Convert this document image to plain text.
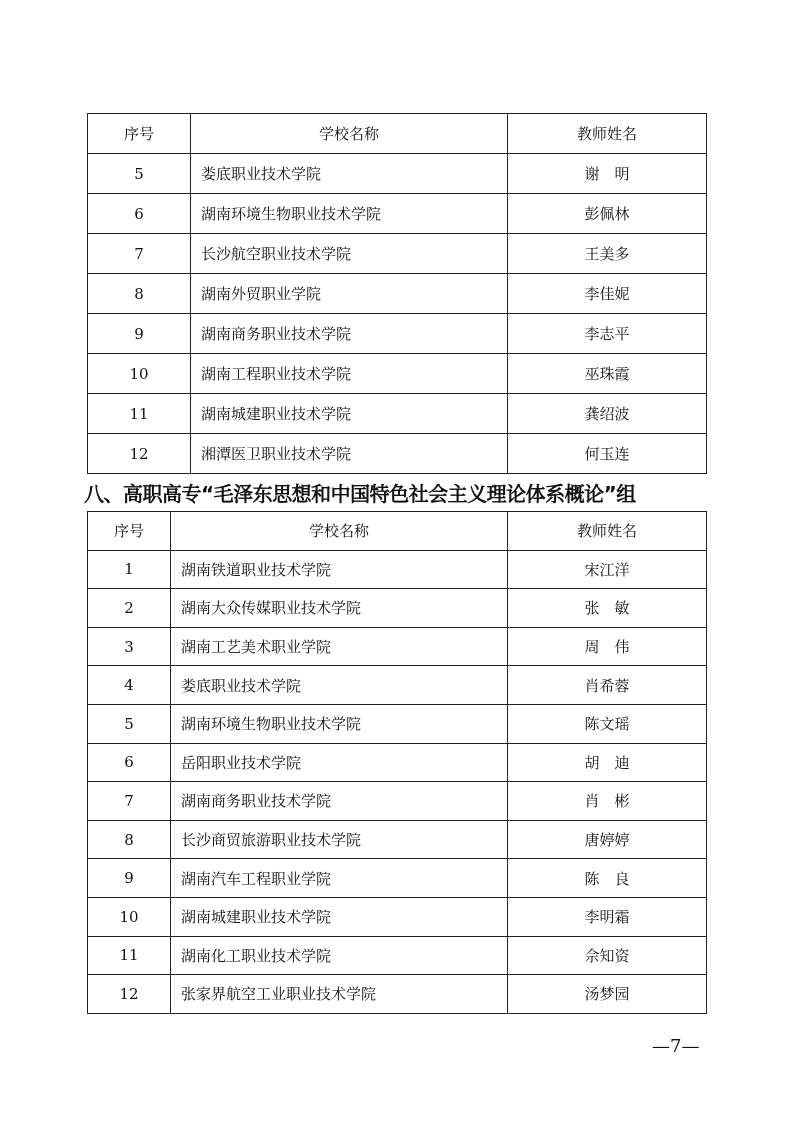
序号	学校名称	教师姓名
5	娄底职业技术学院	谢　明
6	湖南环境生物职业技术学院	彭佩林
7	长沙航空职业技术学院	王美多
8	湖南外贸职业学院	李佳妮
9	湖南商务职业技术学院	李志平
10	湖南工程职业技术学院	巫珠霞
11	湖南城建职业技术学院	龚绍波
12	湘潭医卫职业技术学院	何玉连
八、高职高专“毛泽东思想和中国特色社会主义理论体系概论”组
序号	学校名称	教师姓名
1	湖南铁道职业技术学院	宋江洋
2	湖南大众传媒职业技术学院	张　敏
3	湖南工艺美术职业学院	周　伟
4	娄底职业技术学院	肖希蓉
5	湖南环境生物职业技术学院	陈文瑶
6	岳阳职业技术学院	胡　迪
7	湖南商务职业技术学院	肖　彬
8	长沙商贸旅游职业技术学院	唐婷婷
9	湖南汽车工程职业学院	陈　良
10	湖南城建职业技术学院	李明霜
11	湖南化工职业技术学院	佘知资
12	张家界航空工业职业技术学院	汤梦园
—7—
